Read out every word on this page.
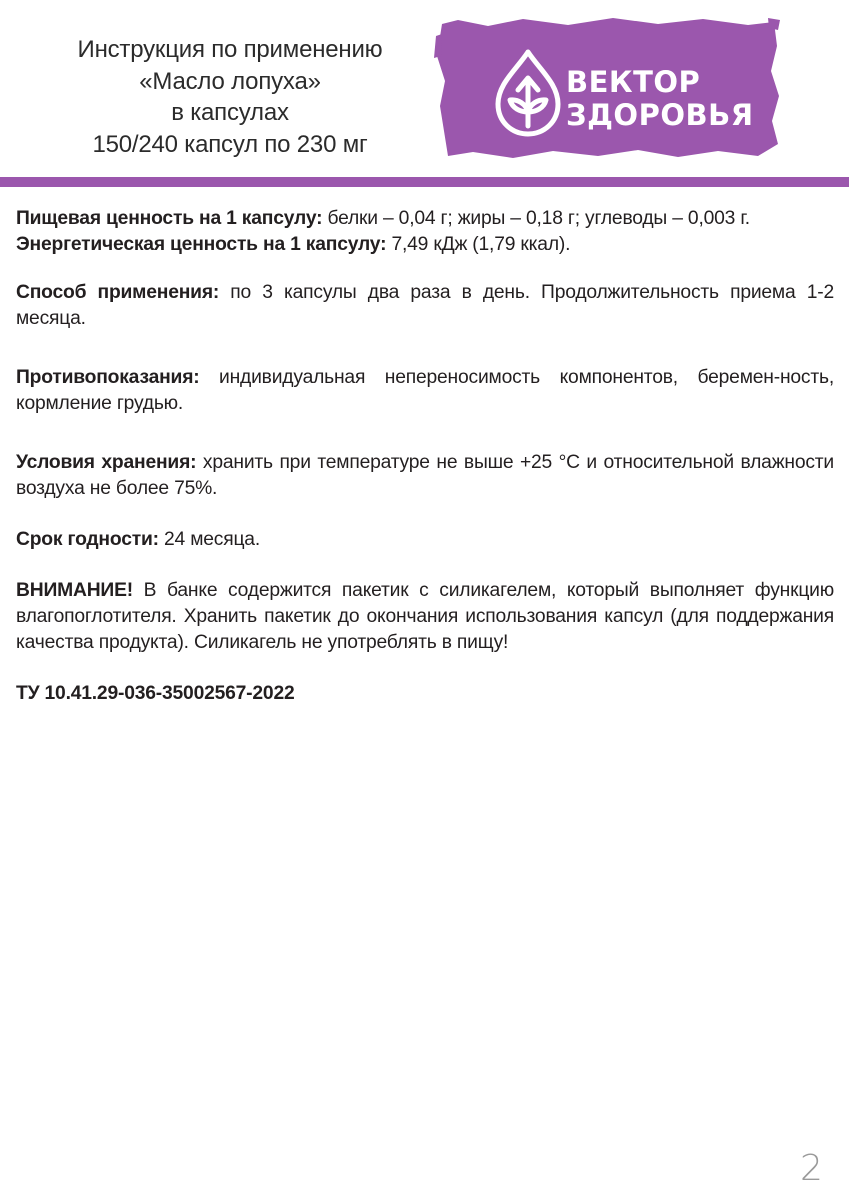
Инструкция по применению
«Масло лопуха»
в капсулах
150/240 капсул по 230 мг
ВЕКТОР
ЗДОРОВЬЯ

Пищевая ценность на 1 капсулу: белки – 0,04 г; жиры – 0,18 г; углеводы – 0,003 г.

Энергетическая ценность на 1 капсулу: 7,49 кДж (1,79 ккал).

Способ применения: по 3 капсулы два раза в день. Продолжительность приема 1-2 месяца.

Противопоказания: индивидуальная непереносимость компонентов, беремен-ность, кормление грудью.

Условия хранения: хранить при температуре не выше +25 °С и относительной влажности воздуха не более 75%.

Срок годности: 24 месяца.

ВНИМАНИЕ! В банке содержится пакетик с силикагелем, который выполняет функцию влагопоглотителя. Хранить пакетик до окончания использования капсул (для поддержания качества продукта). Силикагель не употреблять в пищу!

ТУ 10.41.29-036-35002567-2022

2
